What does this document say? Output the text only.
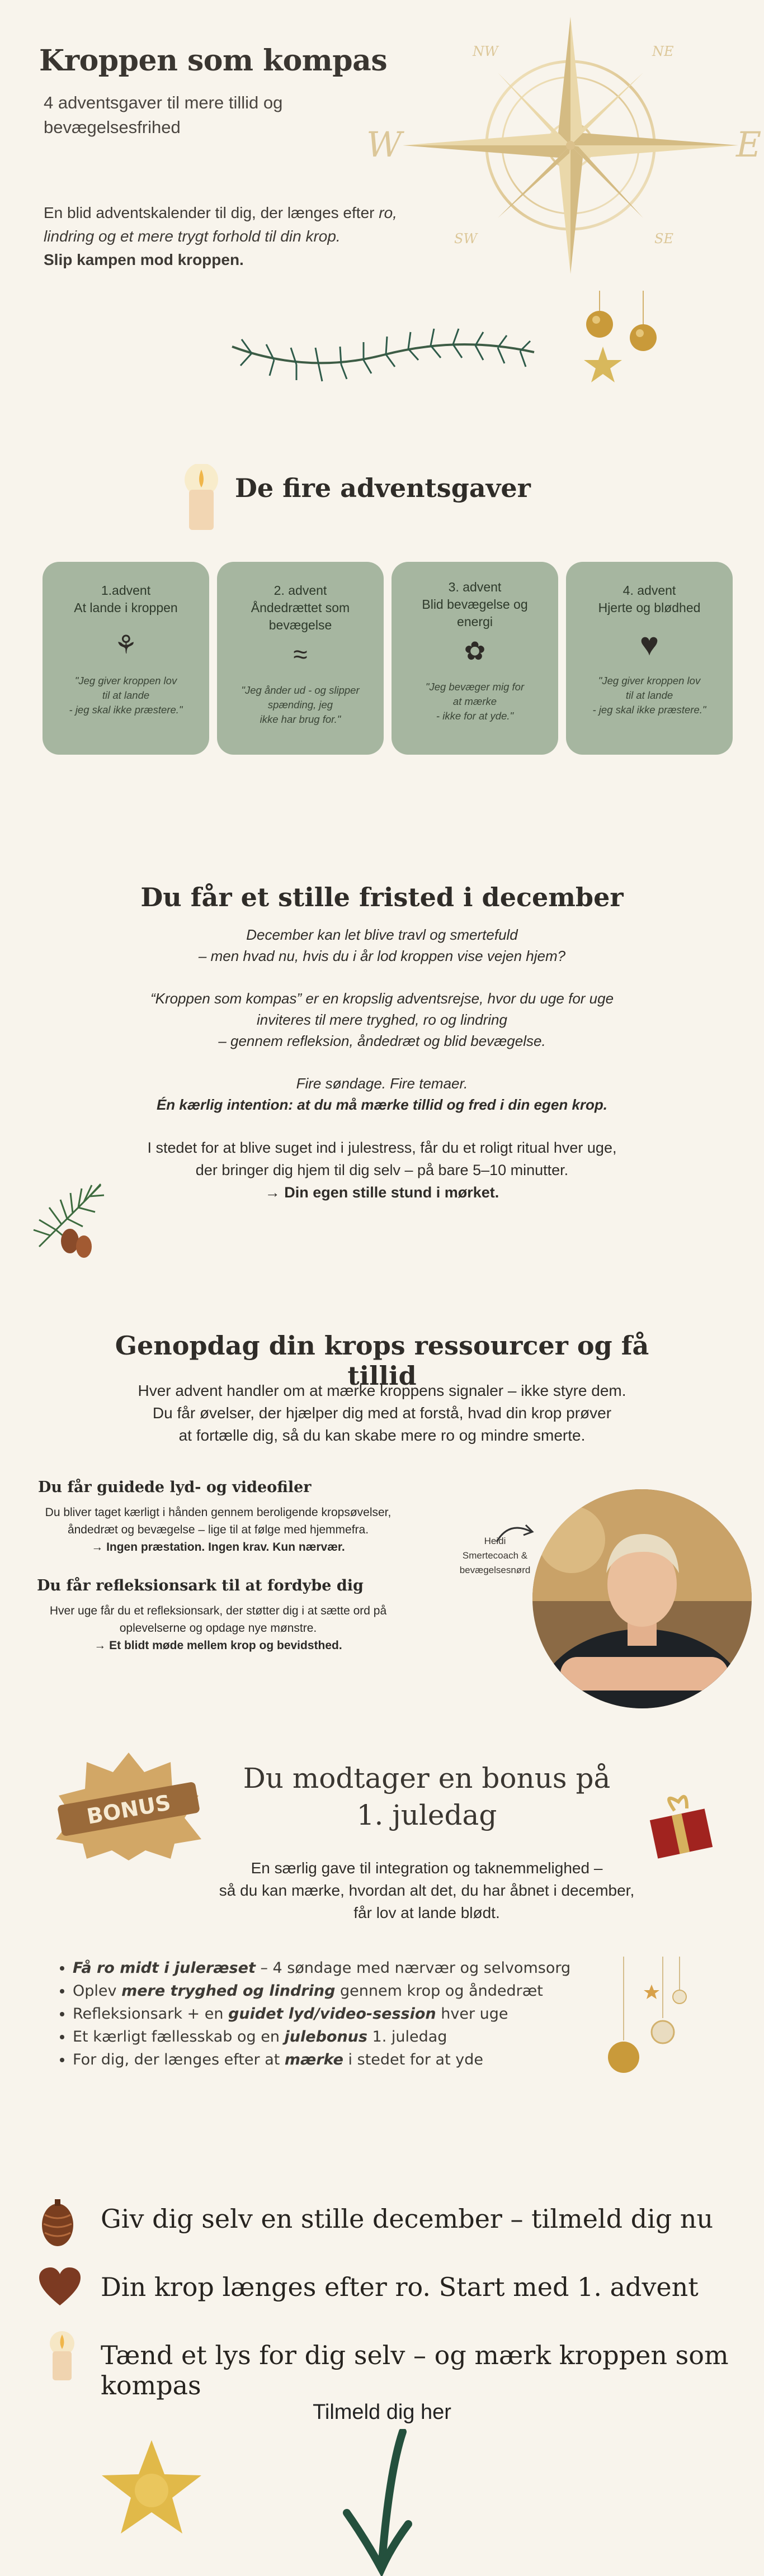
Kroppen som kompas
4 adventsgaver til mere tillid og bevægelsesfrihed
En blid adventskalender til dig, der længes efter ro,
lindring og et mere trygt forhold til din krop.
Slip kampen mod kroppen.
NW	NE
W	E
SW	SE
De fire adventsgaver
1.advent
At lande i kroppen
⚘
"Jeg giver kroppen lov
til at lande
- jeg skal ikke præstere."
2. advent
Åndedrættet som bevægelse
≈
"Jeg ånder ud - og slipper
spænding, jeg
ikke har brug for."
3. advent
Blid bevægelse og energi
✿
"Jeg bevæger mig for
at mærke
- ikke for at yde."
4. advent
Hjerte og blødhed
♥
"Jeg giver kroppen lov
til at lande
- jeg skal ikke præstere."
Du får et stille fristed i december
December kan let blive travl og smertefuld
– men hvad nu, hvis du i år lod kroppen vise vejen hjem?
“Kroppen som kompas” er en kropslig adventsrejse, hvor du uge for uge
inviteres til mere tryghed, ro og lindring
– gennem refleksion, åndedræt og blid bevægelse.
Fire søndage. Fire temaer.
Én kærlig intention: at du må mærke tillid og fred i din egen krop.
I stedet for at blive suget ind i julestress, får du et roligt ritual hver uge,
der bringer dig hjem til dig selv – på bare 5–10 minutter.
→ Din egen stille stund i mørket.
Genopdag din krops ressourcer og få tillid
Hver advent handler om at mærke kroppens signaler – ikke styre dem.
Du får øvelser, der hjælper dig med at forstå, hvad din krop prøver
at fortælle dig, så du kan skabe mere ro og mindre smerte.
Du får guidede lyd- og videofiler
Du bliver taget kærligt i hånden gennem beroligende kropsøvelser,
åndedræt og bevægelse – lige til at følge med hjemmefra.
→ Ingen præstation. Ingen krav. Kun nærvær.
Du får refleksionsark til at fordybe dig
Hver uge får du et refleksionsark, der støtter dig i at sætte ord på
oplevelserne og opdage nye mønstre.
→ Et blidt møde mellem krop og bevidsthed.
Heidi
Smertecoach &
bevægelsesnørd
BONUS
Du modtager en bonus på
1. juledag
En særlig gave til integration og taknemmelighed –
så du kan mærke, hvordan alt det, du har åbnet i december,
får lov at lande blødt.
• Få ro midt i juleræset – 4 søndage med nærvær og selvomsorg
• Oplev mere tryghed og lindring gennem krop og åndedræt
• Refleksionsark + en guidet lyd/video-session hver uge
• Et kærligt fællesskab og en julebonus 1. juledag
• For dig, der længes efter at mærke i stedet for at yde
Giv dig selv en stille december – tilmeld dig nu
Din krop længes efter ro. Start med 1. advent
Tænd et lys for dig selv – og mærk kroppen som kompas
Tilmeld dig her
